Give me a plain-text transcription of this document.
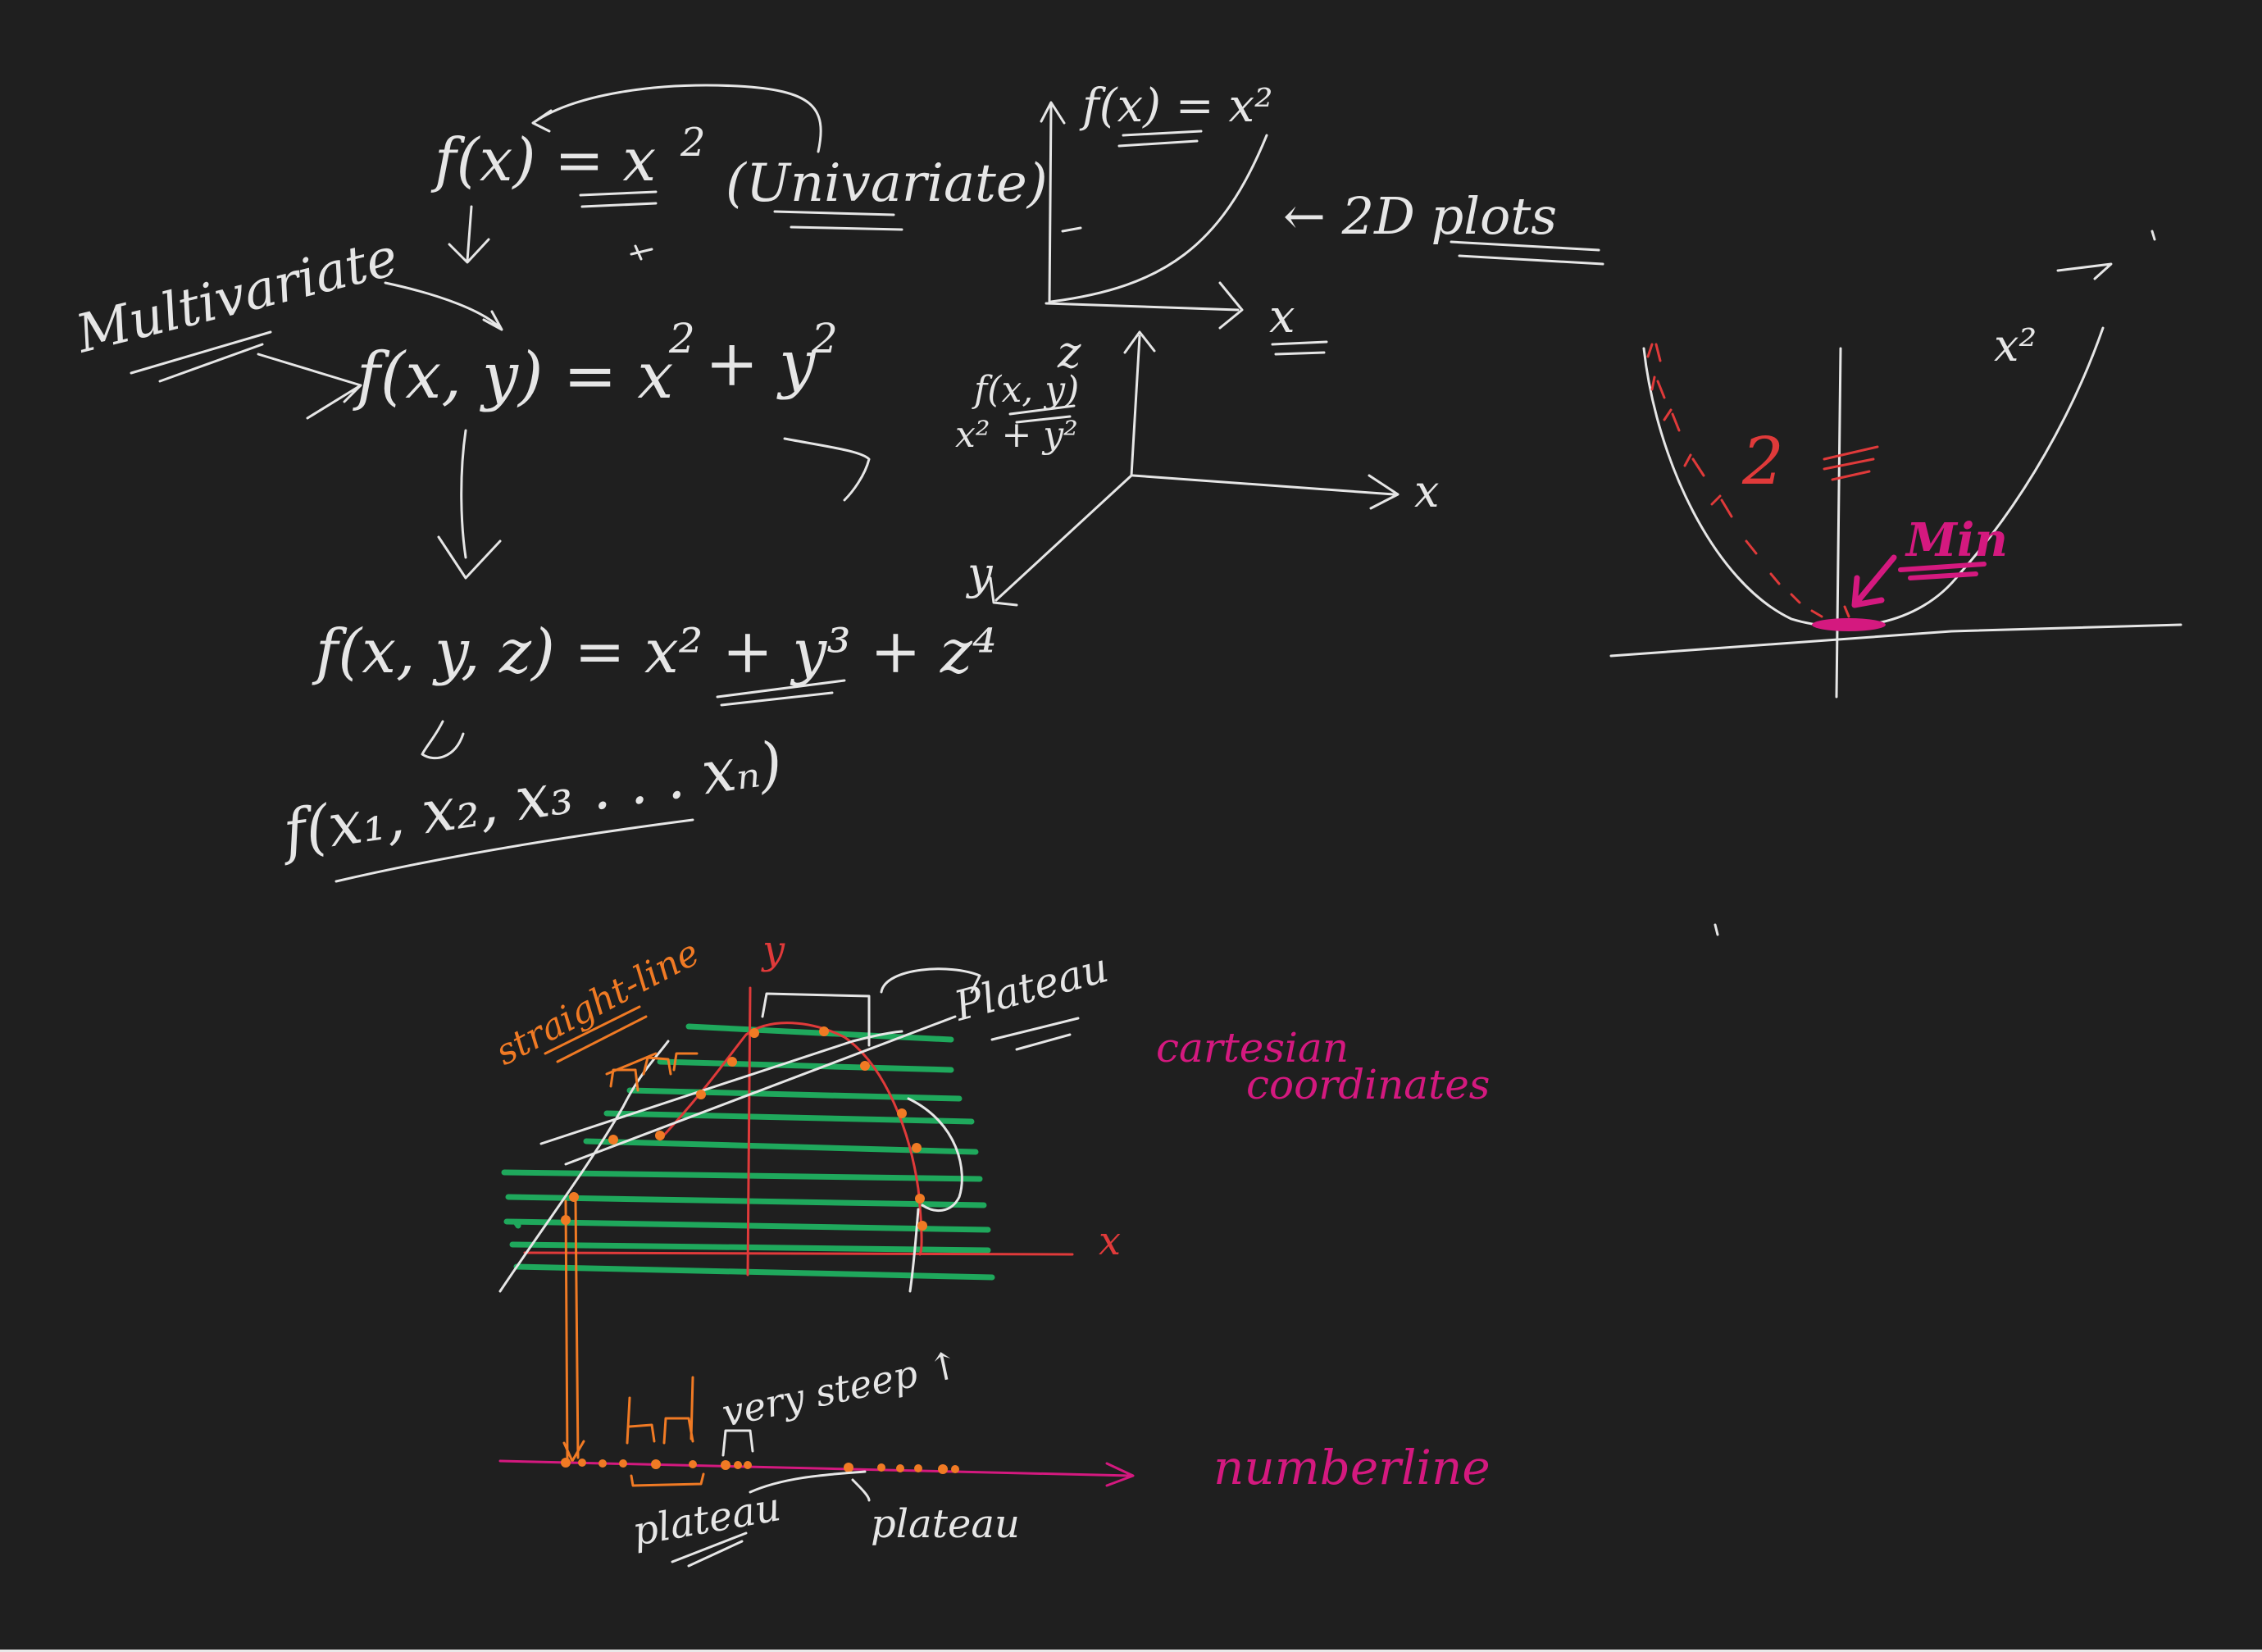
f(x) = x 2
(Univariate)
Multivariate
f(x, y) = x
2 + y
2
f(x, y, z) = x² + y³ + z⁴
f(x₁, x₂, x₃ . . . xₙ)
f(x) = x²
x
← 2D plots
z
x
y
f(x, y)
x² + y²
x²
2
Min
x
y
straight-line	Plateau
cartesian
coordinates
very steep ↑
numberline
plateau plateau
